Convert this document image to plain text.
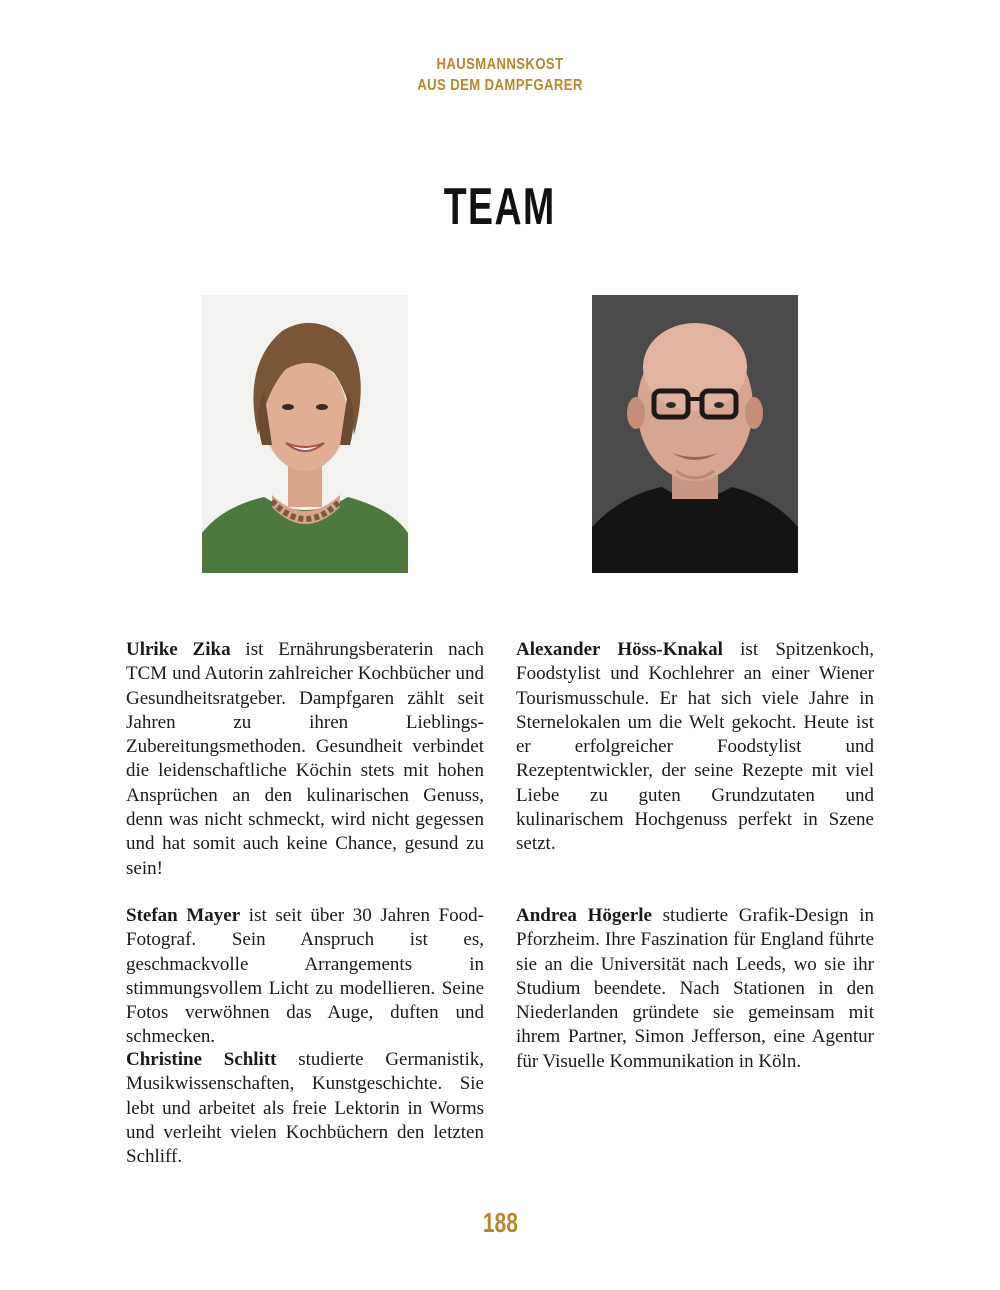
HAUSMANNSKOST
AUS DEM DAMPFGARER
TEAM
Ulrike Zika ist Ernährungsberaterin nach TCM und Autorin zahlreicher Kochbücher und Gesundheitsratgeber. Dampfgaren zählt seit Jahren zu ihren Lieblings-Zubereitungsmethoden. Gesundheit verbindet die leidenschaftliche Köchin stets mit hohen Ansprüchen an den kulinarischen Genuss, denn was nicht schmeckt, wird nicht gegessen und hat somit auch keine Chance, gesund zu sein!
Alexander Höss-Knakal ist Spitzenkoch, Foodstylist und Kochlehrer an einer Wiener Tourismusschule. Er hat sich viele Jahre in Sternelokalen um die Welt gekocht. Heute ist er erfolgreicher Foodstylist und Rezeptentwickler, der seine Rezepte mit viel Liebe zu guten Grundzutaten und kulinarischem Hochgenuss perfekt in Szene setzt.
Stefan Mayer ist seit über 30 Jahren Food-Fotograf. Sein Anspruch ist es, geschmackvolle Arrangements in stimmungsvollem Licht zu modellieren. Seine Fotos verwöhnen das Auge, duften und schmecken.
Christine Schlitt studierte Germanistik, Musikwissenschaften, Kunstgeschichte. Sie lebt und arbeitet als freie Lektorin in Worms und verleiht vielen Kochbüchern den letzten Schliff.
Andrea Högerle studierte Grafik-Design in Pforzheim. Ihre Faszination für England führte sie an die Universität nach Leeds, wo sie ihr Studium beendete. Nach Stationen in den Niederlanden gründete sie gemeinsam mit ihrem Partner, Simon Jefferson, eine Agentur für Visuelle Kommunikation in Köln.
188
